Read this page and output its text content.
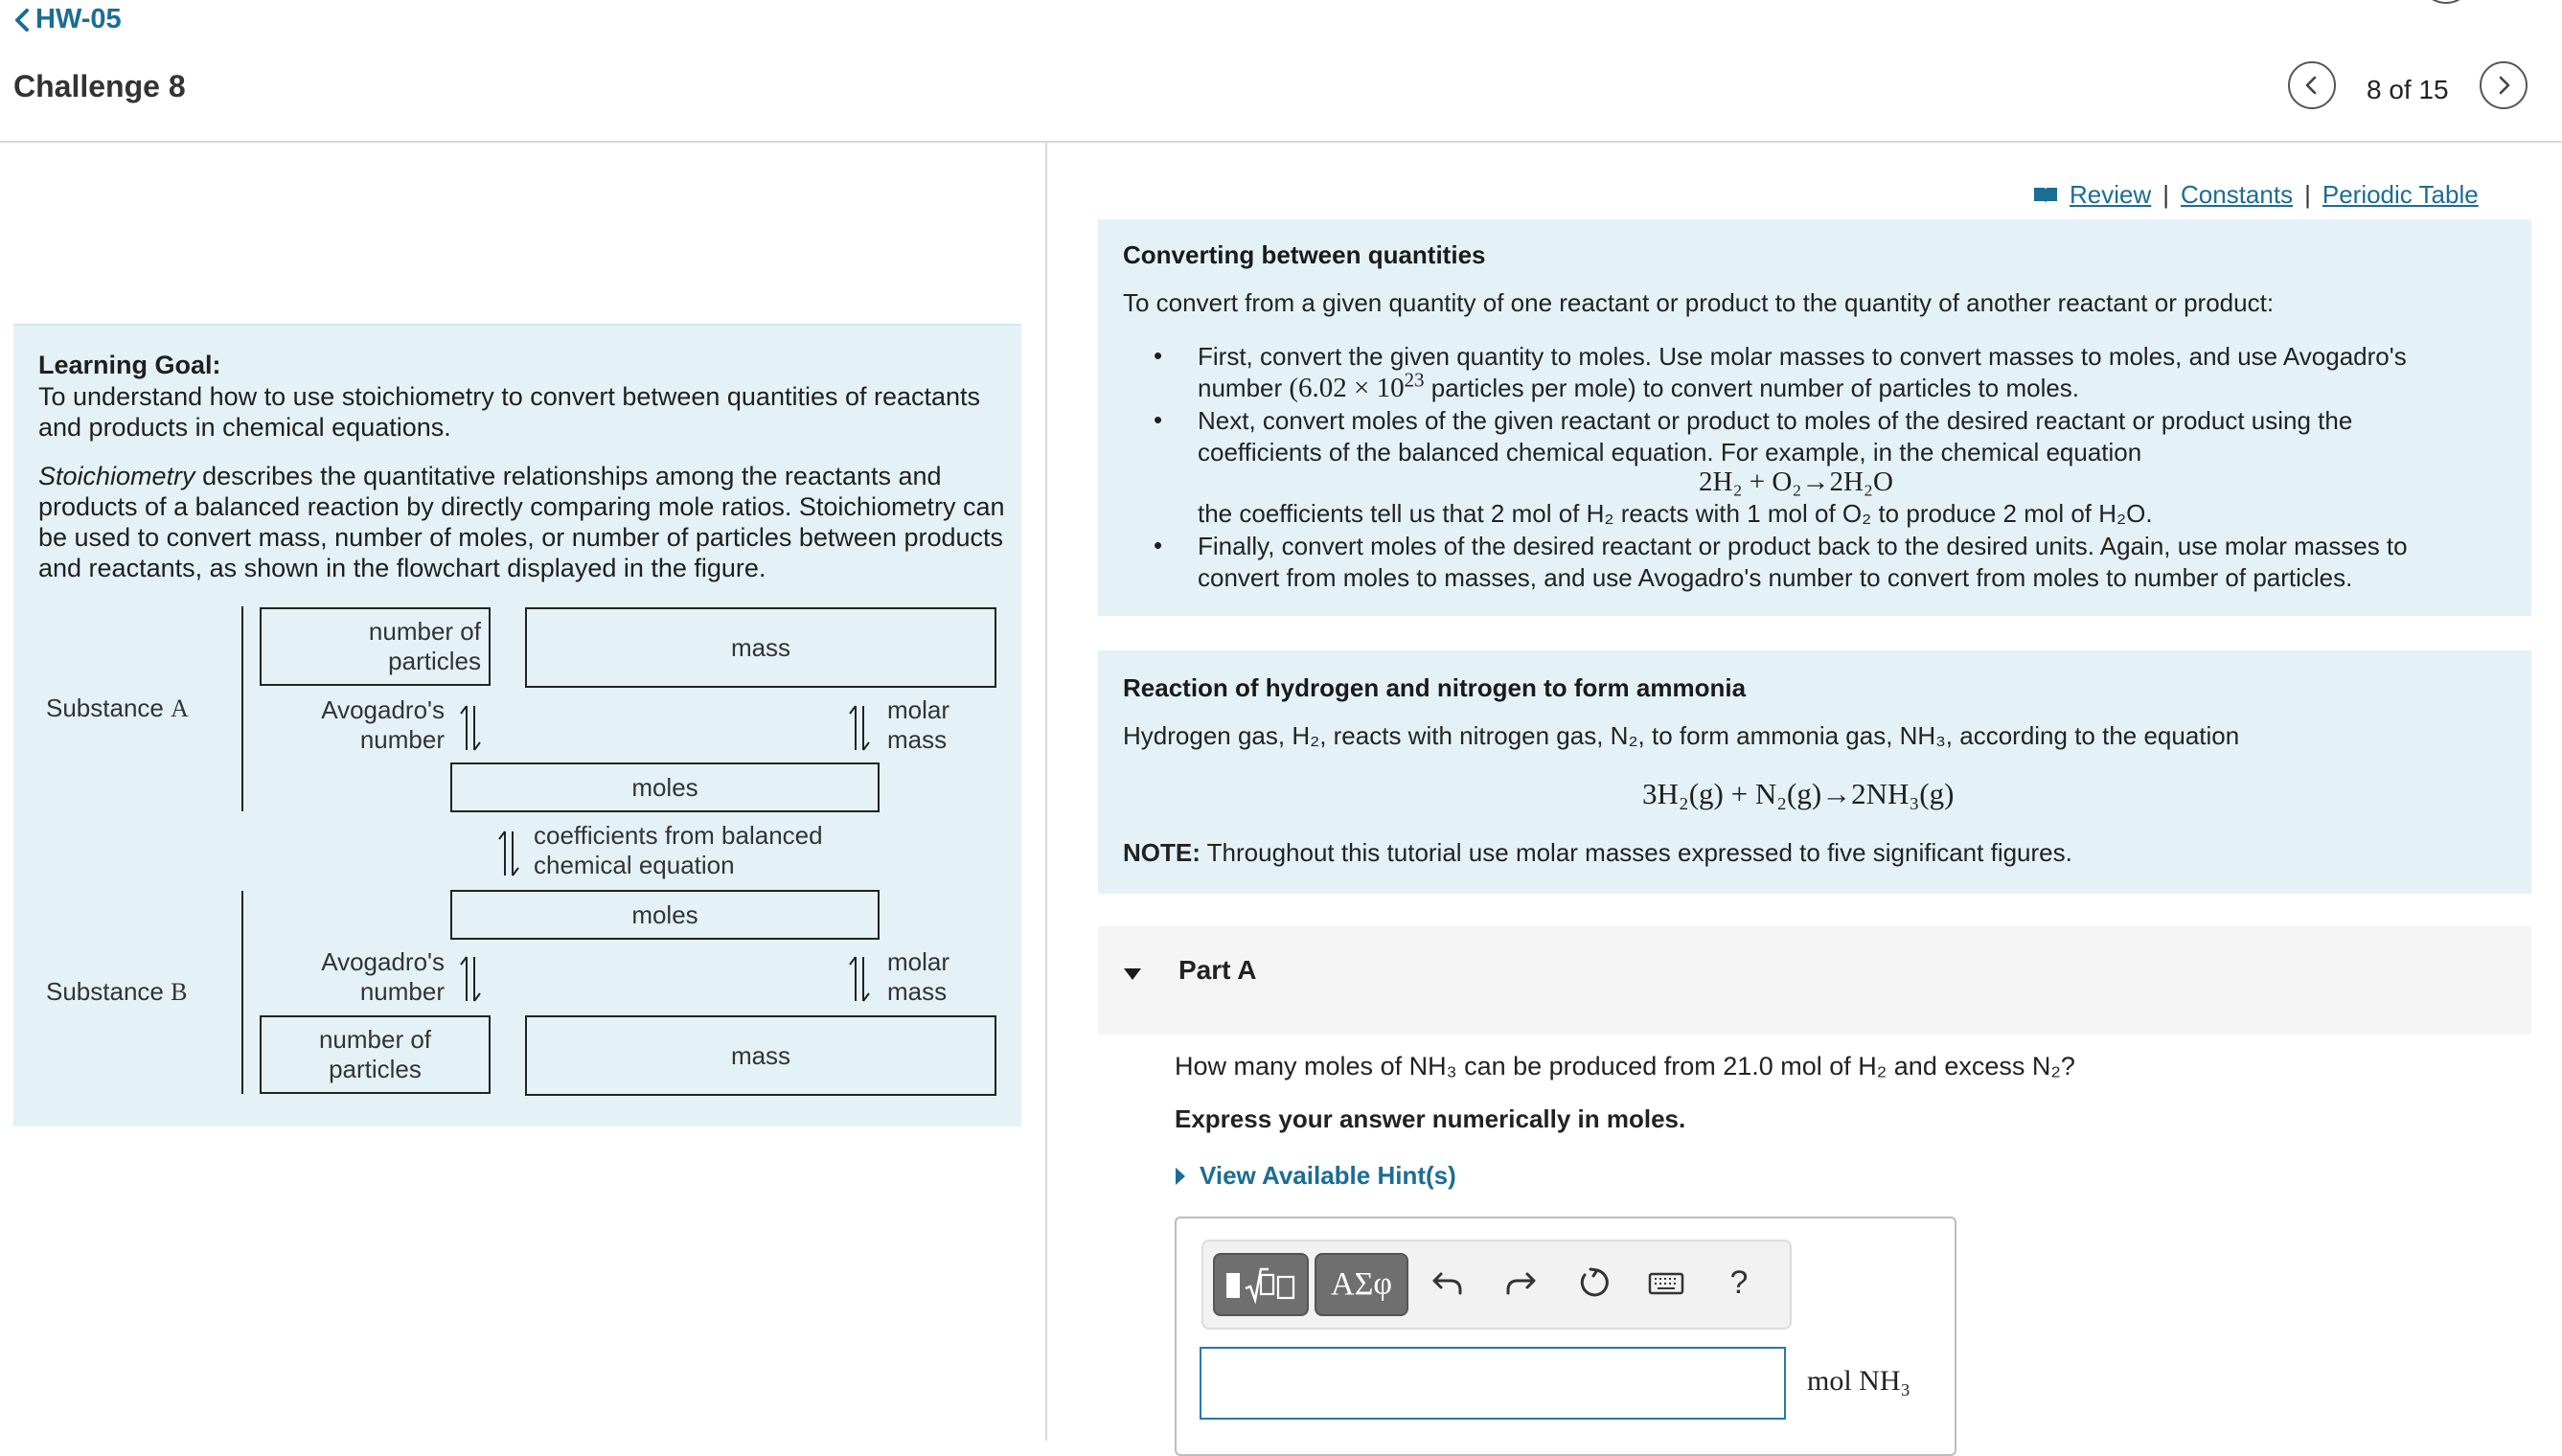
HW-05
Challenge 8	8 of 15
Learning Goal:
To understand how to use stoichiometry to convert between quantities of reactants and products in chemical equations.
Stoichiometry describes the quantitative relationships among the reactants and products of a balanced reaction by directly comparing mole ratios. Stoichiometry can be used to convert mass, number of moles, or number of particles between products and reactants, as shown in the flowchart displayed in the figure.
Substance A
Substance B
number of particles	mass
Avogadro's number
molar mass
moles
coefficients from balanced chemical equation
moles
Avogadro's number
molar mass
number of particles	mass
Review | Constants | Periodic Table
Converting between quantities
To convert from a given quantity of one reactant or product to the quantity of another reactant or product:
• First, convert the given quantity to moles. Use molar masses to convert masses to moles, and use Avogadro's
number ($6.02 \times 10^{23}$ particles per mole) to convert number of particles to moles.
• Next, convert moles of the given reactant or product to moles of the desired reactant or product using the coefficients of the balanced chemical equation. For example, in the chemical equation
2H₂ + O₂→2H₂O
the coefficients tell us that 2 mol of H₂ reacts with 1 mol of O₂ to produce 2 mol of H₂O.
• Finally, convert moles of the desired reactant or product back to the desired units. Again, use molar masses to convert from moles to masses, and use Avogadro's number to convert from moles to number of particles.
Reaction of hydrogen and nitrogen to form ammonia
Hydrogen gas, H₂, reacts with nitrogen gas, N₂, to form ammonia gas, NH₃, according to the equation
3H₂(g) + N₂(g)→2NH₃(g)
NOTE: Throughout this tutorial use molar masses expressed to five significant figures.
Part A
How many moles of NH₃ can be produced from 21.0 mol of H₂ and excess N₂?
Express your answer numerically in moles.
View Available Hint(s)
ΑΣφ	?
mol NH₃
